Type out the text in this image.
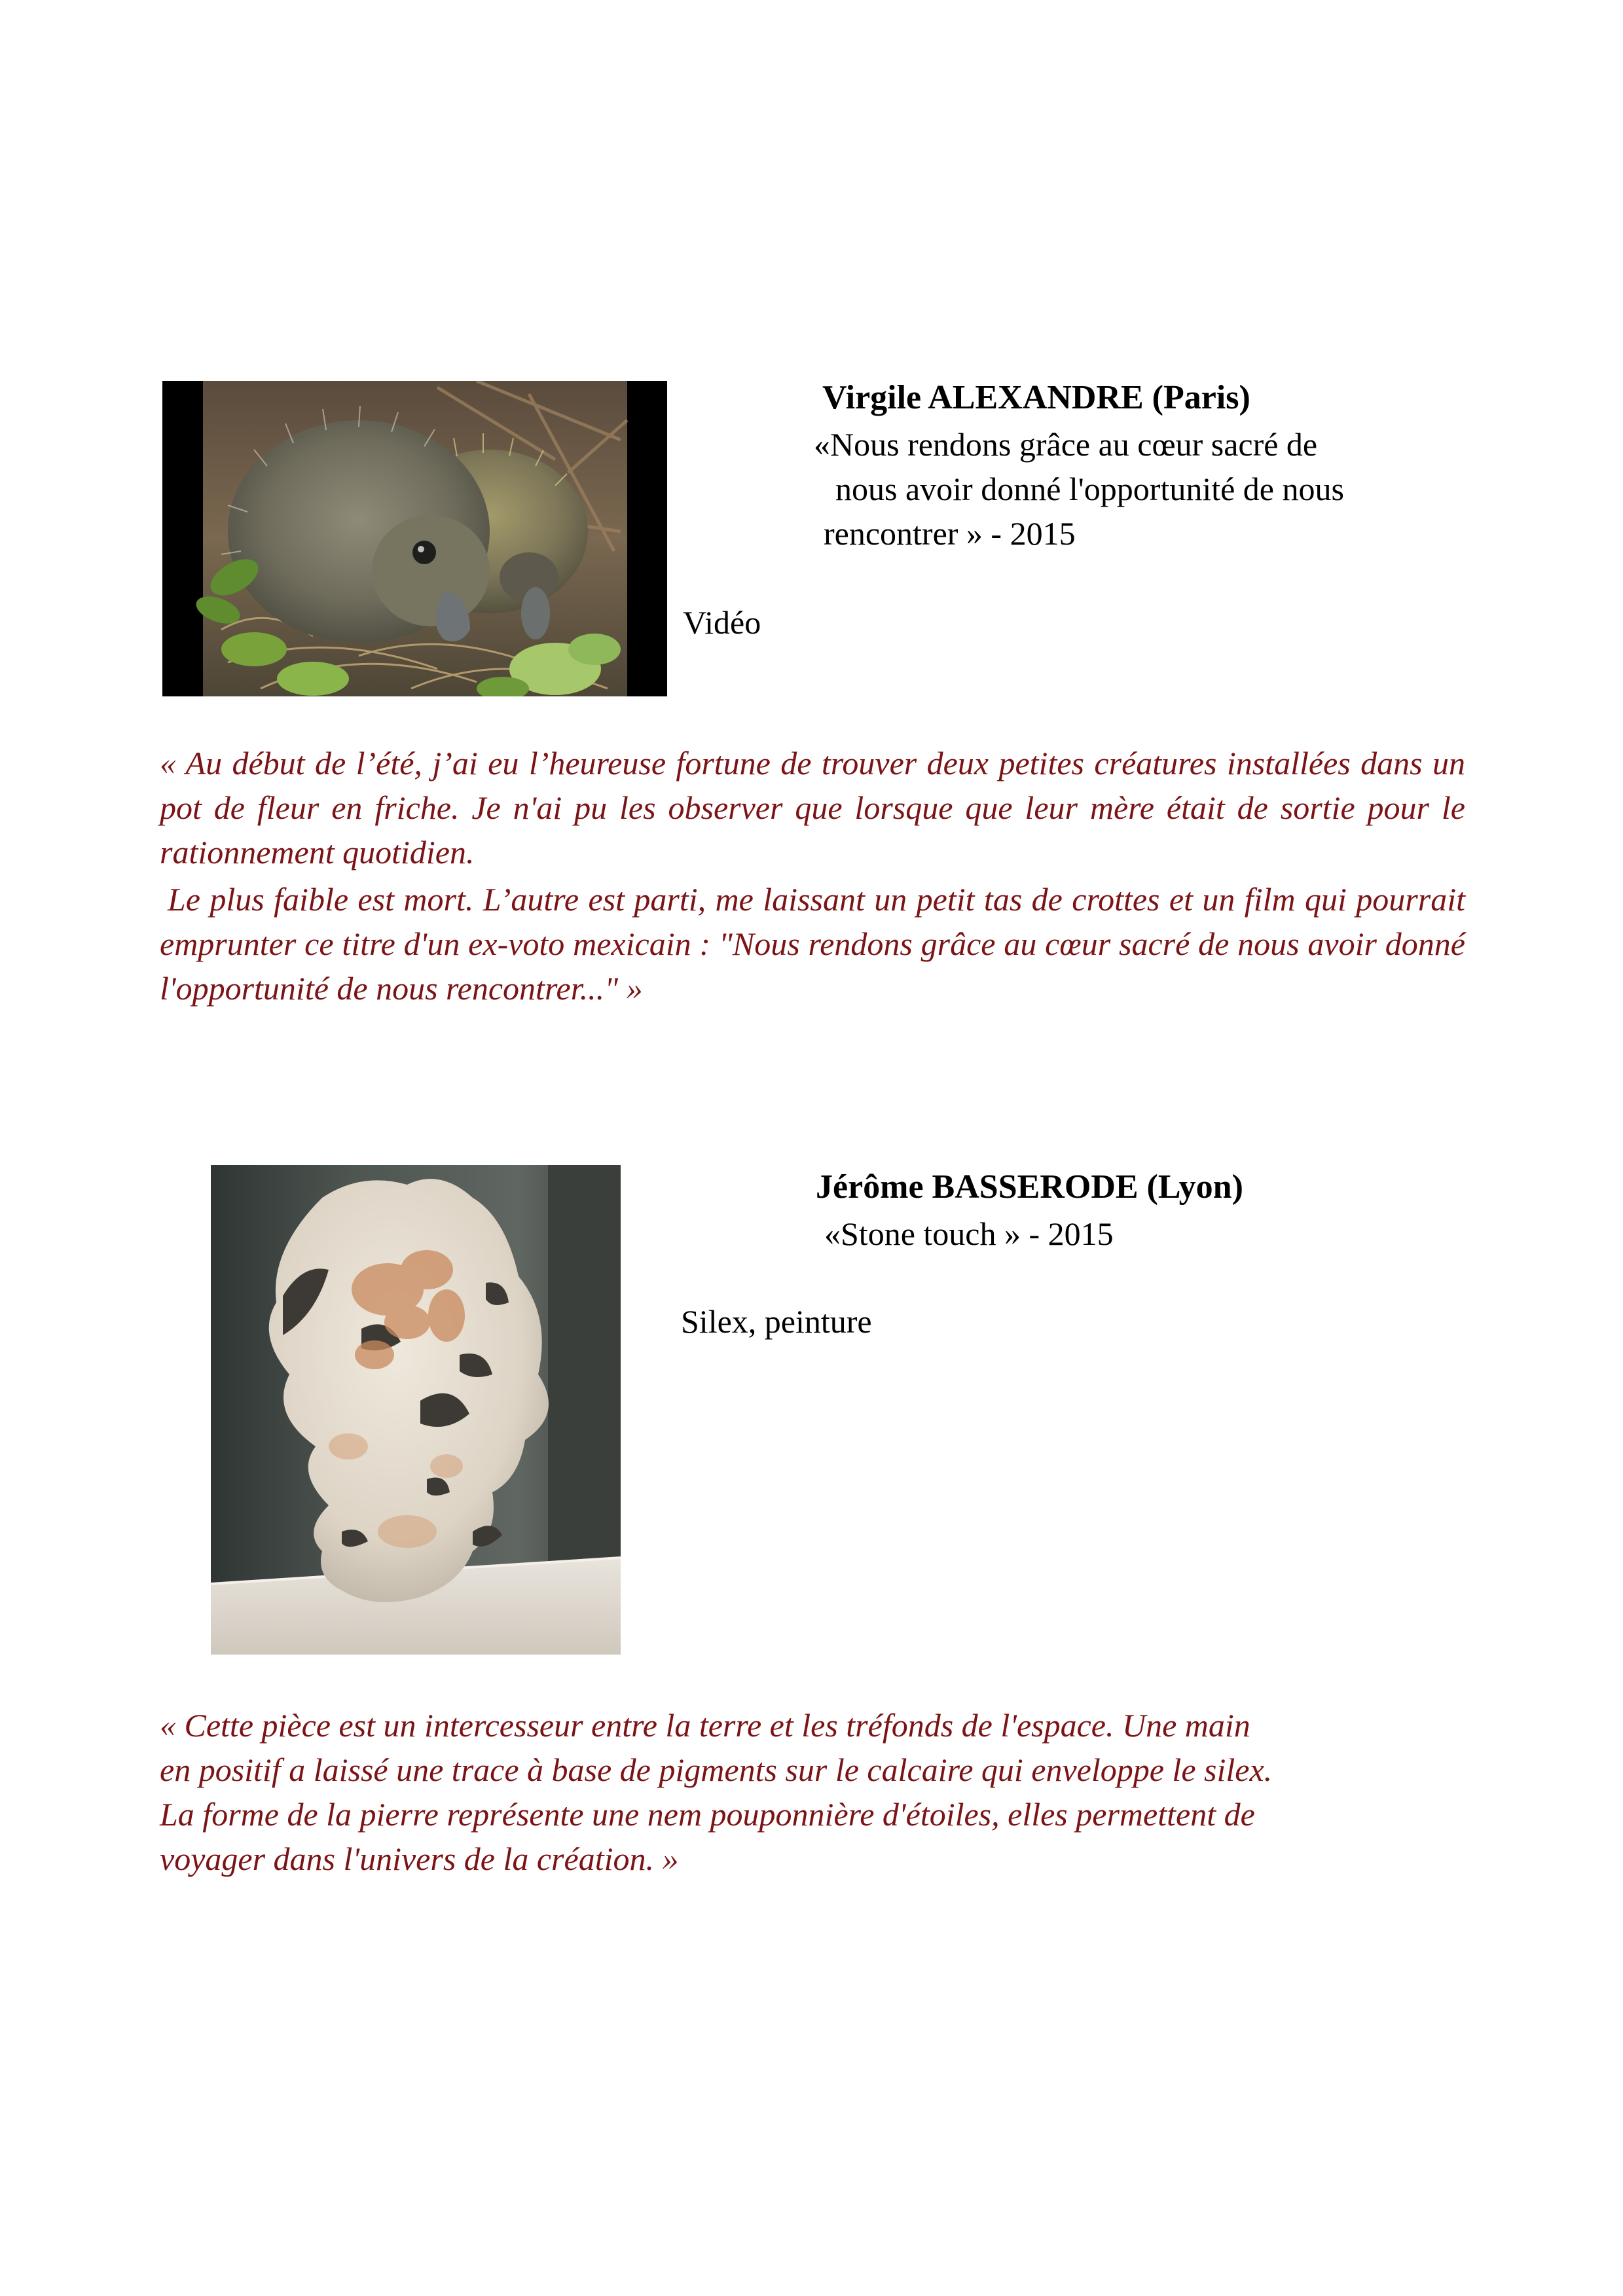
Virgile ALEXANDRE (Paris)
«Nous rendons grâce au cœur sacré de
nous avoir donné l'opportunité de nous
rencontrer » - 2015
Vidéo

« Au début de l’été, j’ai eu l’heureuse fortune de trouver deux petites créatures installées dans un pot de fleur en friche. Je n'ai pu les observer que lorsque que leur mère était de sortie pour le rationnement quotidien.

Le plus faible est mort. L’autre est parti, me laissant un petit tas de crottes et un film qui pourrait emprunter ce titre d'un ex-voto mexicain : "Nous rendons grâce au cœur sacré de nous avoir donné l'opportunité de nous rencontrer..." »

Jérôme BASSERODE (Lyon)
«Stone touch » - 2015
Silex, peinture
« Cette pièce est un intercesseur entre la terre et les tréfonds de l'espace. Une main
en positif a laissé une trace à base de pigments sur le calcaire qui enveloppe le silex.
La forme de la pierre représente une nem pouponnière d'étoiles, elles permettent de
voyager dans l'univers de la création. »
